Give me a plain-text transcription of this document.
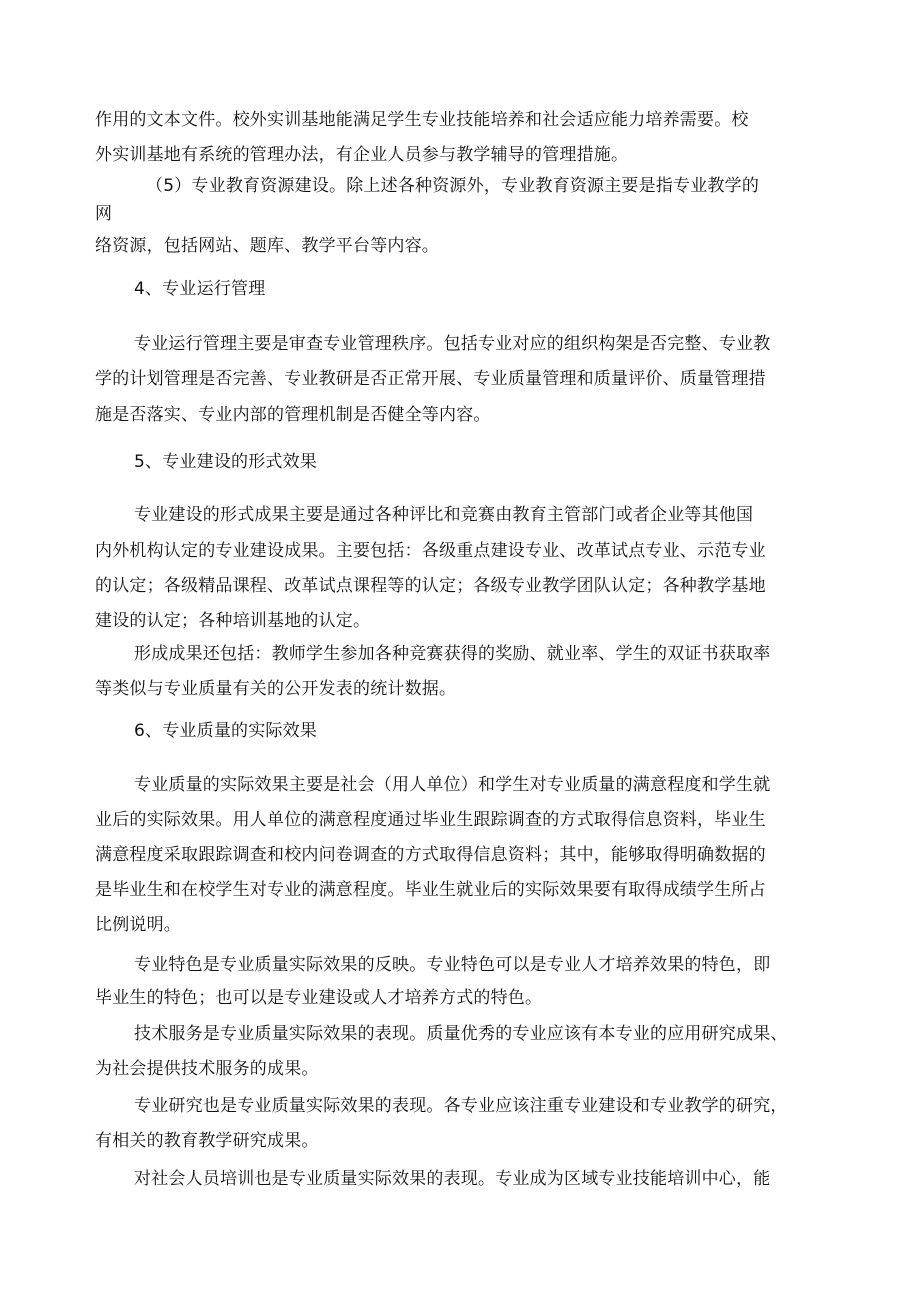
作用的文本文件。校外实训基地能满足学生专业技能培养和社会适应能力培养需要。校

外实训基地有系统的管理办法，有企业人员参与教学辅导的管理措施。

（5）专业教育资源建设。除上述各种资源外，专业教育资源主要是指专业教学的

网

络资源，包括网站、题库、教学平台等内容。

4、专业运行管理

专业运行管理主要是审查专业管理秩序。包括专业对应的组织构架是否完整、专业教

学的计划管理是否完善、专业教研是否正常开展、专业质量管理和质量评价、质量管理措

施是否落实、专业内部的管理机制是否健全等内容。

5、专业建设的形式效果

专业建设的形式成果主要是通过各种评比和竞赛由教育主管部门或者企业等其他国

内外机构认定的专业建设成果。主要包括：各级重点建设专业、改革试点专业、示范专业

的认定；各级精品课程、改革试点课程等的认定；各级专业教学团队认定；各种教学基地

建设的认定；各种培训基地的认定。

形成成果还包括：教师学生参加各种竞赛获得的奖励、就业率、学生的双证书获取率

等类似与专业质量有关的公开发表的统计数据。

6、专业质量的实际效果

专业质量的实际效果主要是社会（用人单位）和学生对专业质量的满意程度和学生就

业后的实际效果。用人单位的满意程度通过毕业生跟踪调查的方式取得信息资料，毕业生

满意程度采取跟踪调查和校内问卷调查的方式取得信息资料；其中，能够取得明确数据的

是毕业生和在校学生对专业的满意程度。毕业生就业后的实际效果要有取得成绩学生所占

比例说明。

专业特色是专业质量实际效果的反映。专业特色可以是专业人才培养效果的特色，即

毕业生的特色；也可以是专业建设或人才培养方式的特色。

技术服务是专业质量实际效果的表现。质量优秀的专业应该有本专业的应用研究成果、

为社会提供技术服务的成果。

专业研究也是专业质量实际效果的表现。各专业应该注重专业建设和专业教学的研究，

有相关的教育教学研究成果。

对社会人员培训也是专业质量实际效果的表现。专业成为区域专业技能培训中心，能
